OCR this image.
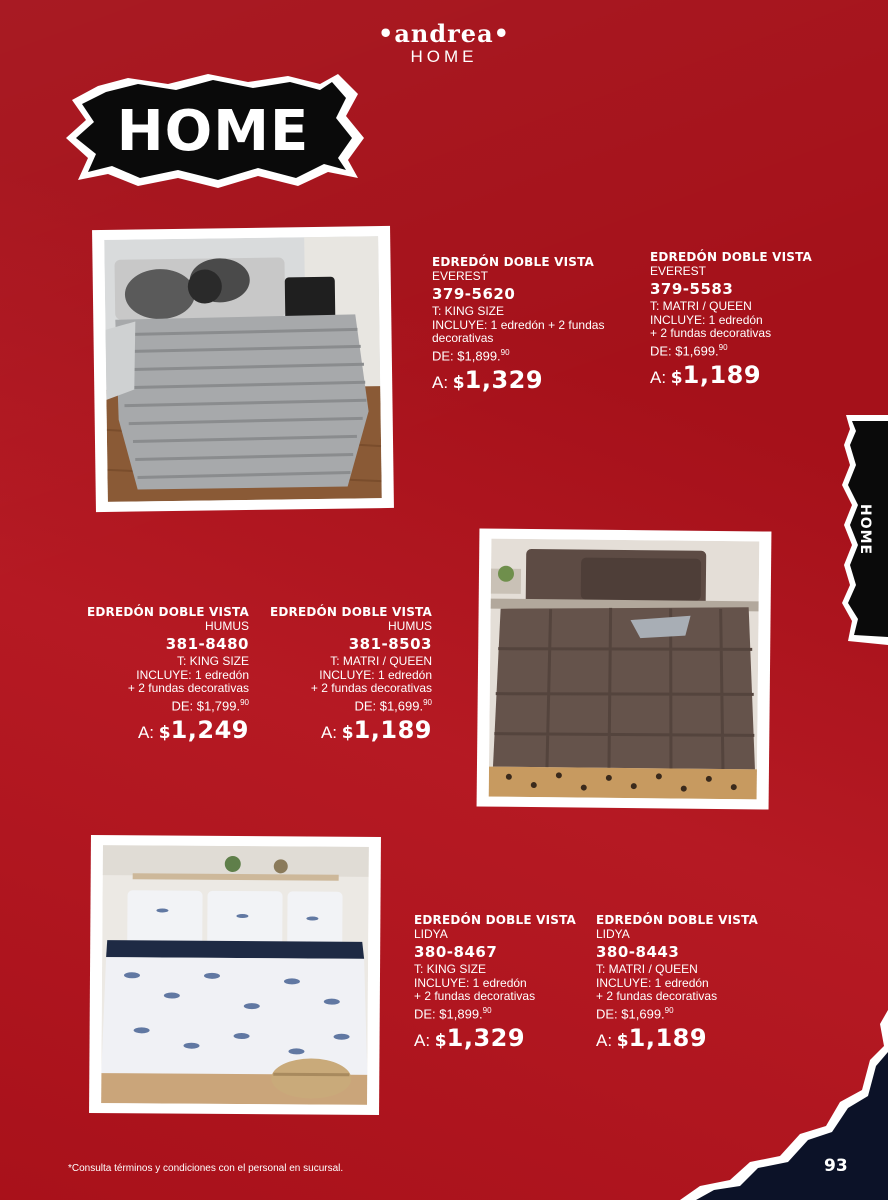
•andrea•
HOME
HOME
HOME
EDREDÓN DOBLE VISTA
EVEREST
379-5620
T: KING SIZE
INCLUYE: 1 edredón + 2 fundas decorativas
DE: $1,899.90
A: $1,329
EDREDÓN DOBLE VISTA
EVEREST
379-5583
T: MATRI / QUEEN
INCLUYE: 1 edredón
+ 2 fundas decorativas
DE: $1,699.90
A: $1,189
EDREDÓN DOBLE VISTA
HUMUS
381-8480
T: KING SIZE
INCLUYE: 1 edredón
+ 2 fundas decorativas
DE: $1,799.90
A: $1,249
EDREDÓN DOBLE VISTA
HUMUS
381-8503
T: MATRI / QUEEN
INCLUYE: 1 edredón
+ 2 fundas decorativas
DE: $1,699.90
A: $1,189
EDREDÓN DOBLE VISTA
LIDYA
380-8467
T: KING SIZE
INCLUYE: 1 edredón
+ 2 fundas decorativas
DE: $1,899.90
A: $1,329
EDREDÓN DOBLE VISTA
LIDYA
380-8443
T: MATRI / QUEEN
INCLUYE: 1 edredón
+ 2 fundas decorativas
DE: $1,699.90
A: $1,189
*Consulta términos y condiciones con el personal en sucursal.	93
